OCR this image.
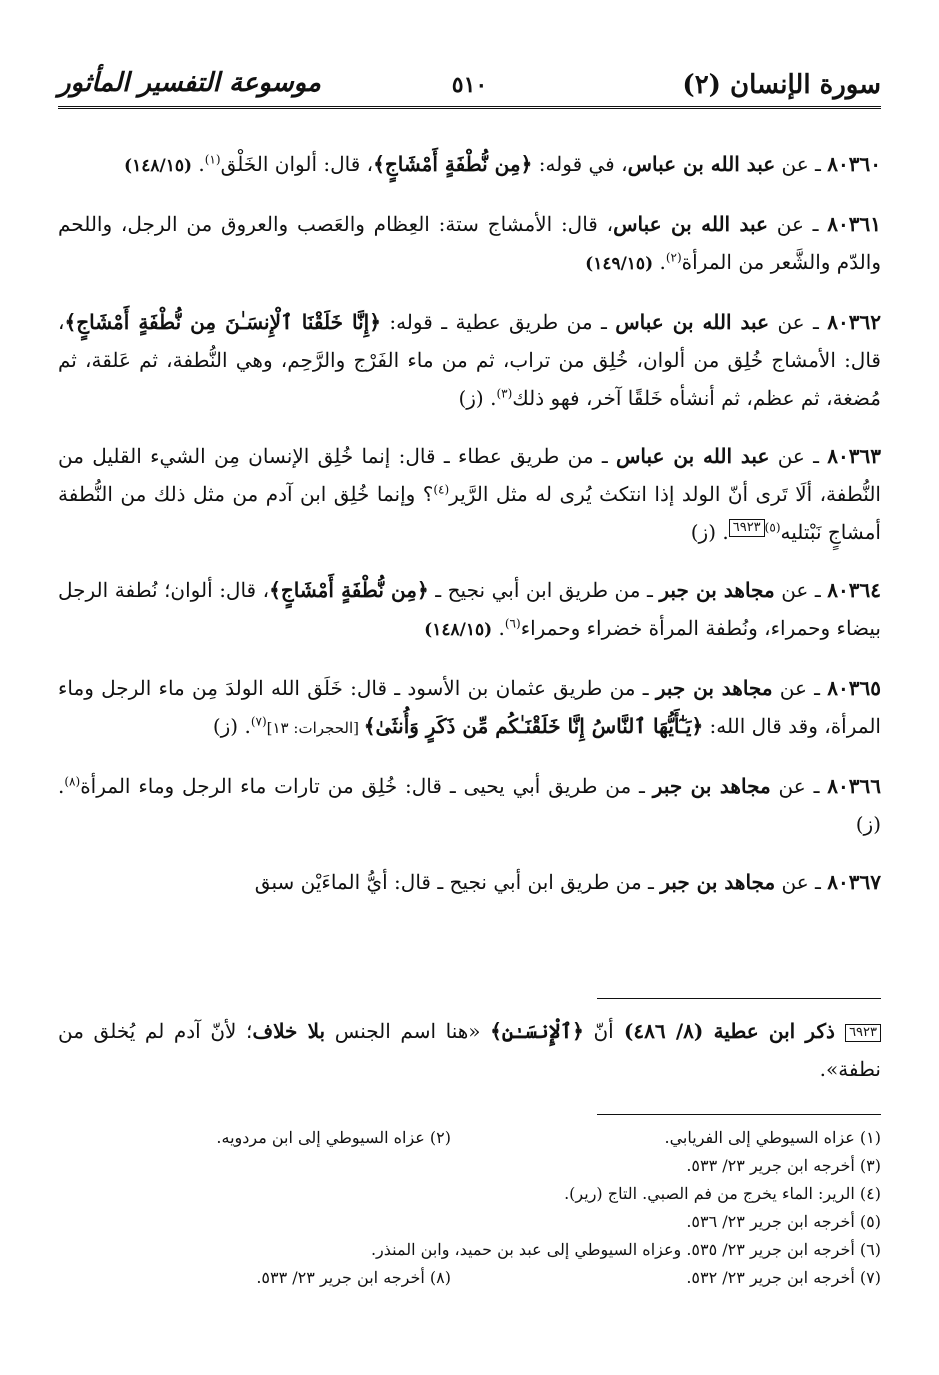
سورة الإنسان (٢)
موسوعة التفسير المأثور	٥١٠

٨٠٣٦٠ ـ عن عبد الله بن عباس، في قوله: ﴿مِن نُّطْفَةٍ أَمْشَاجٍ﴾، قال: ألوان الخَلْق$^{(١)}$. (١٤٨/١٥)

٨٠٣٦١ ـ عن عبد الله بن عباس، قال: الأمشاج ستة: العِظام والعَصب والعروق من الرجل، واللحم والدّم والشَّعر من المرأة$^{(٢)}$. (١٤٩/١٥)

٨٠٣٦٢ ـ عن عبد الله بن عباس ـ من طريق عطية ـ قوله: ﴿إِنَّا خَلَقْنَا ٱلْإِنسَـٰنَ مِن نُّطْفَةٍ أَمْشَاجٍ﴾، قال: الأمشاج خُلِق من ألوان، خُلِق من تراب، ثم من ماء الفَرْج والرَّحِم، وهي النُّطفة، ثم عَلقة، ثم مُضغة، ثم عظم، ثم أنشأه خَلقًا آخر، فهو ذلك$^{(٣)}$. (ز)

٨٠٣٦٣ ـ عن عبد الله بن عباس ـ من طريق عطاء ـ قال: إنما خُلِق الإنسان مِن الشيء القليل من النُّطفة، ألَا تَرى أنّ الولد إذا انتكث يُرى له مثل الرَّير$^{(٤)}$؟ وإنما خُلِق ابن آدم من مثل ذلك من النُّطفة أمشاجٍ نَبْتليه$^{(٥)}$٦٩٢٣. (ز)

٨٠٣٦٤ ـ عن مجاهد بن جبر ـ من طريق ابن أبي نجيح ـ ﴿مِن نُّطْفَةٍ أَمْشَاجٍ﴾، قال: ألوان؛ نُطفة الرجل بيضاء وحمراء، ونُطفة المرأة خضراء وحمراء$^{(٦)}$. (١٤٨/١٥)

٨٠٣٦٥ ـ عن مجاهد بن جبر ـ من طريق عثمان بن الأسود ـ قال: خَلَق الله الولدَ مِن ماء الرجل وماء المرأة، وقد قال الله: ﴿يَـٰٓأَيُّهَا ٱلنَّاسُ إِنَّا خَلَقْنَـٰكُم مِّن ذَكَرٍ وَأُنثَىٰ﴾ [الحجرات: ١٣]$^{(٧)}$. (ز)

٨٠٣٦٦ ـ عن مجاهد بن جبر ـ من طريق أبي يحيى ـ قال: خُلِق من تارات ماء الرجل وماء المرأة$^{(٨)}$. (ز)

٨٠٣٦٧ ـ عن مجاهد بن جبر ـ من طريق ابن أبي نجيح ـ قال: أيُّ الماءَيْن سبق

٦٩٢٣ ذكر ابن عطية (٨/ ٤٨٦) أنّ ﴿ٱلْإِنسَـٰنِ﴾ «هنا اسم الجنس بلا خلاف؛ لأنّ آدم لم يُخلق من نطفة».
(١) عزاه السيوطي إلى الفريابي.
(٢) عزاه السيوطي إلى ابن مردويه.
(٣) أخرجه ابن جرير ٢٣/ ٥٣٣.
(٤) الرير: الماء يخرج من فم الصبي. التاج (رير).
(٥) أخرجه ابن جرير ٢٣/ ٥٣٦.
(٦) أخرجه ابن جرير ٢٣/ ٥٣٥. وعزاه السيوطي إلى عبد بن حميد، وابن المنذر.
(٧) أخرجه ابن جرير ٢٣/ ٥٣٢.
(٨) أخرجه ابن جرير ٢٣/ ٥٣٣.
